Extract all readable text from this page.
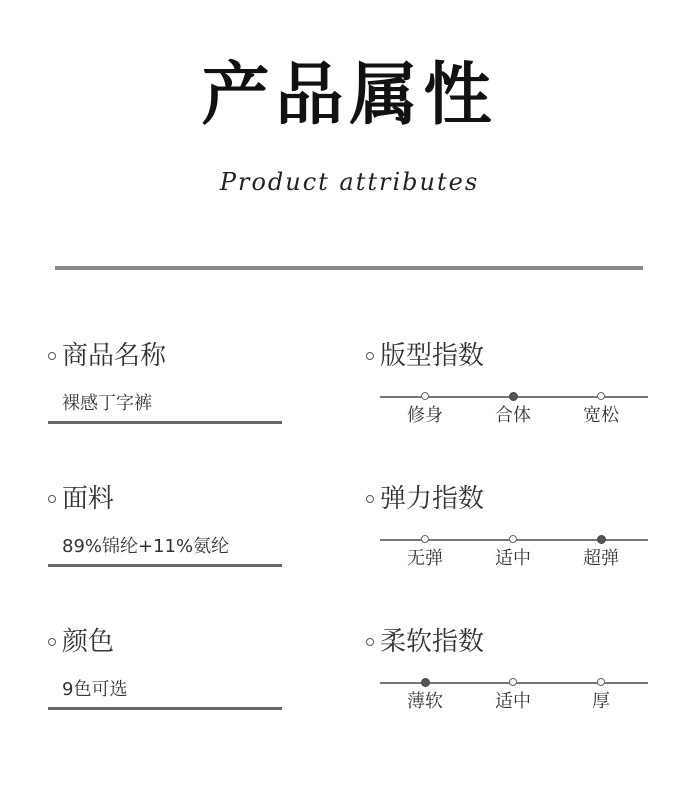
产品属性
Product attributes
商品名称
裸感丁字裤
面料
89%锦纶+11%氨纶
颜色
9色可选
版型指数
修身	合体	宽松
弹力指数
无弹	适中	超弹
柔软指数
薄软	适中	厚
